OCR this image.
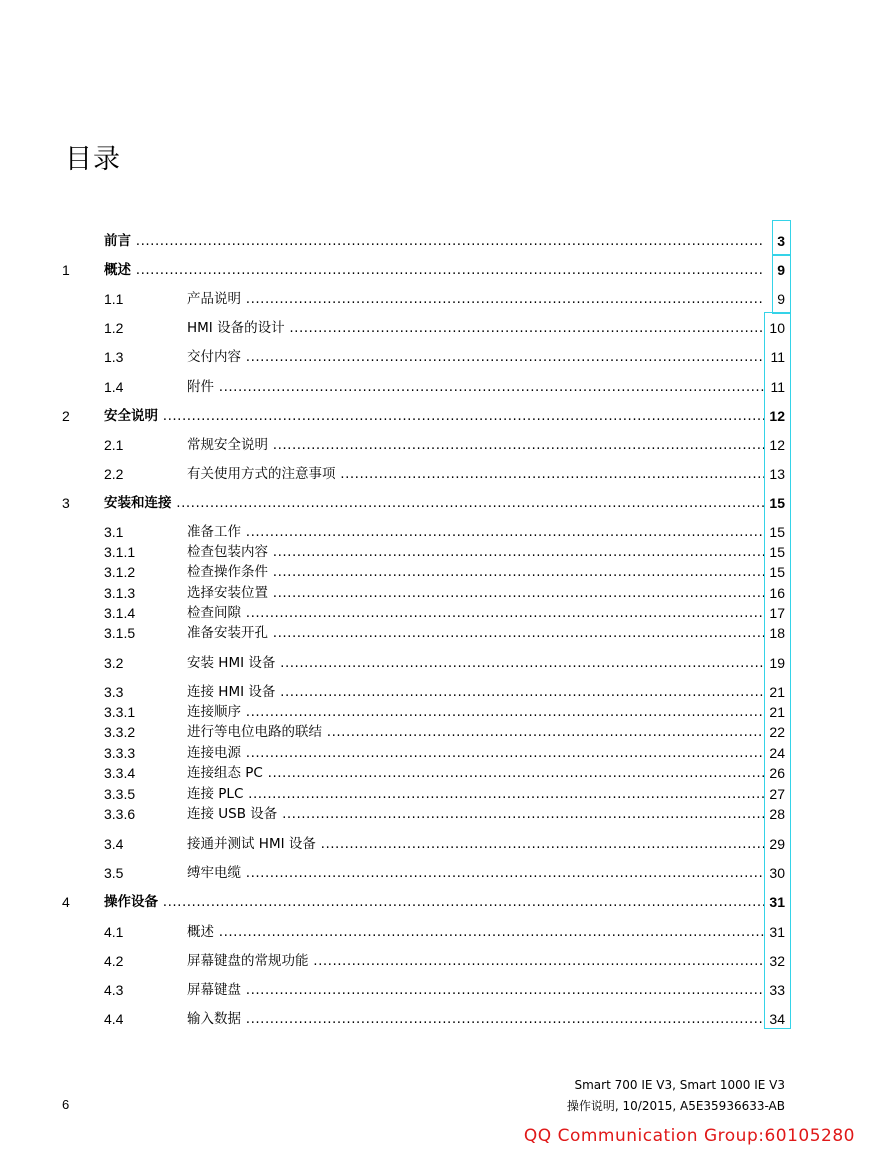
目录
前言 .....	3
1	概述 .....	9
1.1	产品说明 .....	9
1.2	HMI 设备的设计 .....	10
1.3	交付内容 .....	11
1.4	附件 .....	11
2	安全说明 .....	12
2.1	常规安全说明 .....	12
2.2	有关使用方式的注意事项 .....	13
3	安装和连接 .....	15
3.1	准备工作 .....	15
3.1.1	检查包装内容 .....	15
3.1.2	检查操作条件 .....	15
3.1.3	选择安装位置 .....	16
3.1.4	检查间隙 .....	17
3.1.5	准备安装开孔 .....	18
3.2	安装 HMI 设备 .....	19
3.3	连接 HMI 设备 .....	21
3.3.1	连接顺序 .....	21
3.3.2	进行等电位电路的联结 .....	22
3.3.3	连接电源 .....	24
3.3.4	连接组态 PC .....	26
3.3.5	连接 PLC .....	27
3.3.6	连接 USB 设备 .....	28
3.4	接通并测试 HMI 设备 .....	29
3.5	缚牢电缆 .....	30
4	操作设备 .....	31
4.1	概述 .....	31
4.2	屏幕键盘的常规功能 .....	32
4.3	屏幕键盘 .....	33
4.4	输入数据 .....	34
6
Smart 700 IE V3, Smart 1000 IE V3
操作说明, 10/2015, A5E35936633-AB
QQ Communication Group:60105280
